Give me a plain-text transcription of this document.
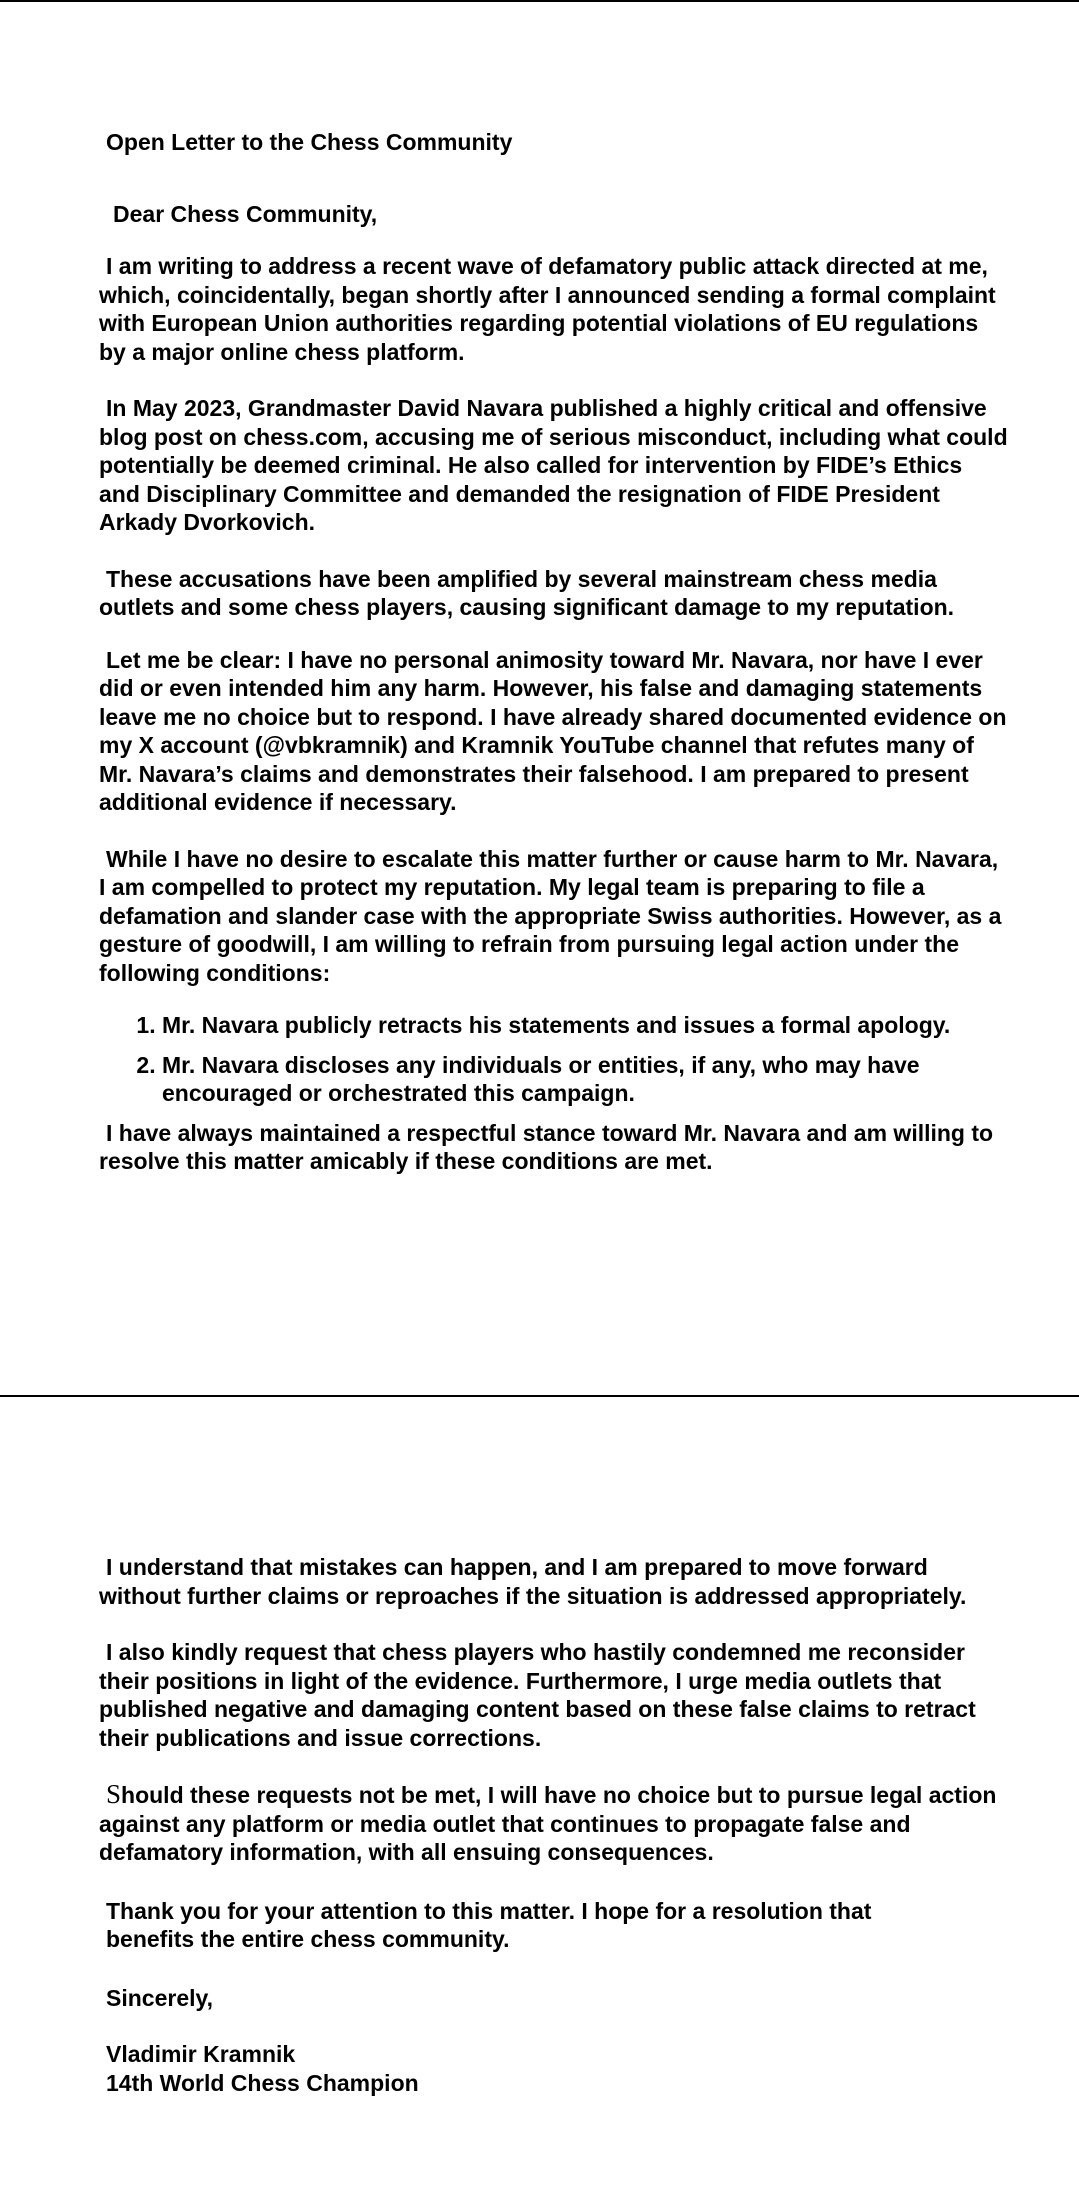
Open Letter to the Chess Community
Dear Chess Community,

I am writing to address a recent wave of defamatory public attack directed at me, which, coincidentally, began shortly after I announced sending a formal complaint with European Union authorities regarding potential violations of EU regulations by a major online chess platform.

In May 2023, Grandmaster David Navara published a highly critical and offensive blog post on chess.com, accusing me of serious misconduct, including what could potentially be deemed criminal. He also called for intervention by FIDE’s Ethics and Disciplinary Committee and demanded the resignation of FIDE President Arkady Dvorkovich.

These accusations have been amplified by several mainstream chess media outlets and some chess players, causing significant damage to my reputation.

Let me be clear: I have no personal animosity toward Mr. Navara, nor have I ever did or even intended him any harm. However, his false and damaging statements leave me no choice but to respond. I have already shared documented evidence on my X account (@vbkramnik) and Kramnik YouTube channel that refutes many of Mr. Navara’s claims and demonstrates their falsehood. I am prepared to present additional evidence if necessary.

While I have no desire to escalate this matter further or cause harm to Mr. Navara, I am compelled to protect my reputation. My legal team is preparing to file a defamation and slander case with the appropriate Swiss authorities. However, as a gesture of goodwill, I am willing to refrain from pursuing legal action under the following conditions:

1. Mr. Navara publicly retracts his statements and issues a formal apology.
2. Mr. Navara discloses any individuals or entities, if any, who may have encouraged or orchestrated this campaign.

I have always maintained a respectful stance toward Mr. Navara and am willing to resolve this matter amicably if these conditions are met.

I understand that mistakes can happen, and I am prepared to move forward without further claims or reproaches if the situation is addressed appropriately.

I also kindly request that chess players who hastily condemned me reconsider their positions in light of the evidence. Furthermore, I urge media outlets that published negative and damaging content based on these false claims to retract their publications and issue corrections.

Should these requests not be met, I will have no choice but to pursue legal action against any platform or media outlet that continues to propagate false and defamatory information, with all ensuing consequences.

Thank you for your attention to this matter. I hope for a resolution that
benefits the entire chess community.
Sincerely,
Vladimir Kramnik
14th World Chess Champion
